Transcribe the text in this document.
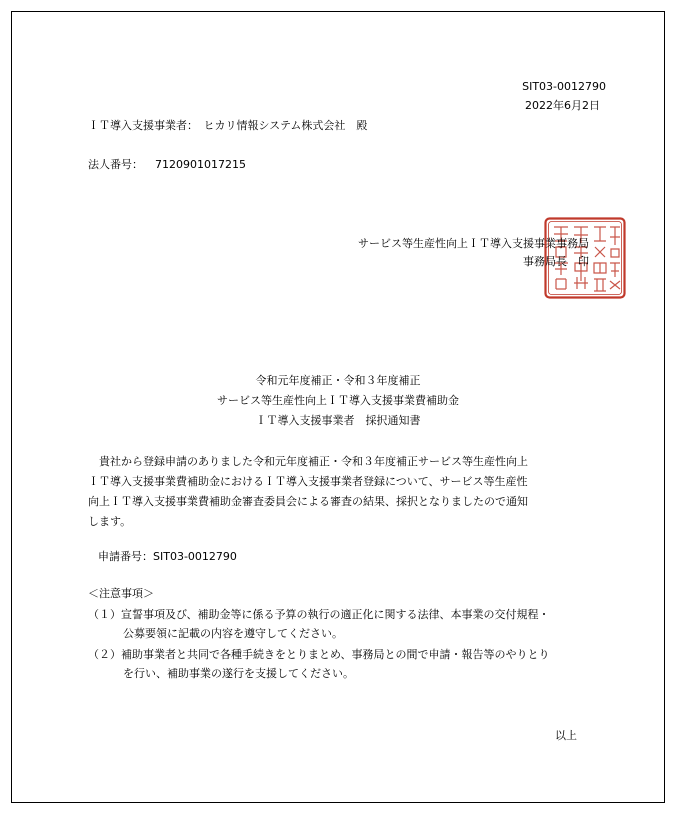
SIT03-0012790
2022年6月2日
ＩＴ導入支援事業者：　ヒカリ情報システム株式会社　殿
法人番号： 7120901017215
サービス等生産性向上ＩＴ導入支援事業事務局
事務局長　印
令和元年度補正・令和３年度補正
サービス等生産性向上ＩＴ導入支援事業費補助金
ＩＴ導入支援事業者　採択通知書
　貴社から登録申請のありました令和元年度補正・令和３年度補正サービス等生産性向上
ＩＴ導入支援事業費補助金におけるＩＴ導入支援事業者登録について、サービス等生産性
向上ＩＴ導入支援事業費補助金審査委員会による審査の結果、採択となりましたので通知
します。
申請番号：SIT03-0012790
＜注意事項＞
（１）宣誓事項及び、補助金等に係る予算の執行の適正化に関する法律、本事業の交付規程・
公募要領に記載の内容を遵守してください。
（２）補助事業者と共同で各種手続きをとりまとめ、事務局との間で申請・報告等のやりとり
を行い、補助事業の遂行を支援してください。
以上
